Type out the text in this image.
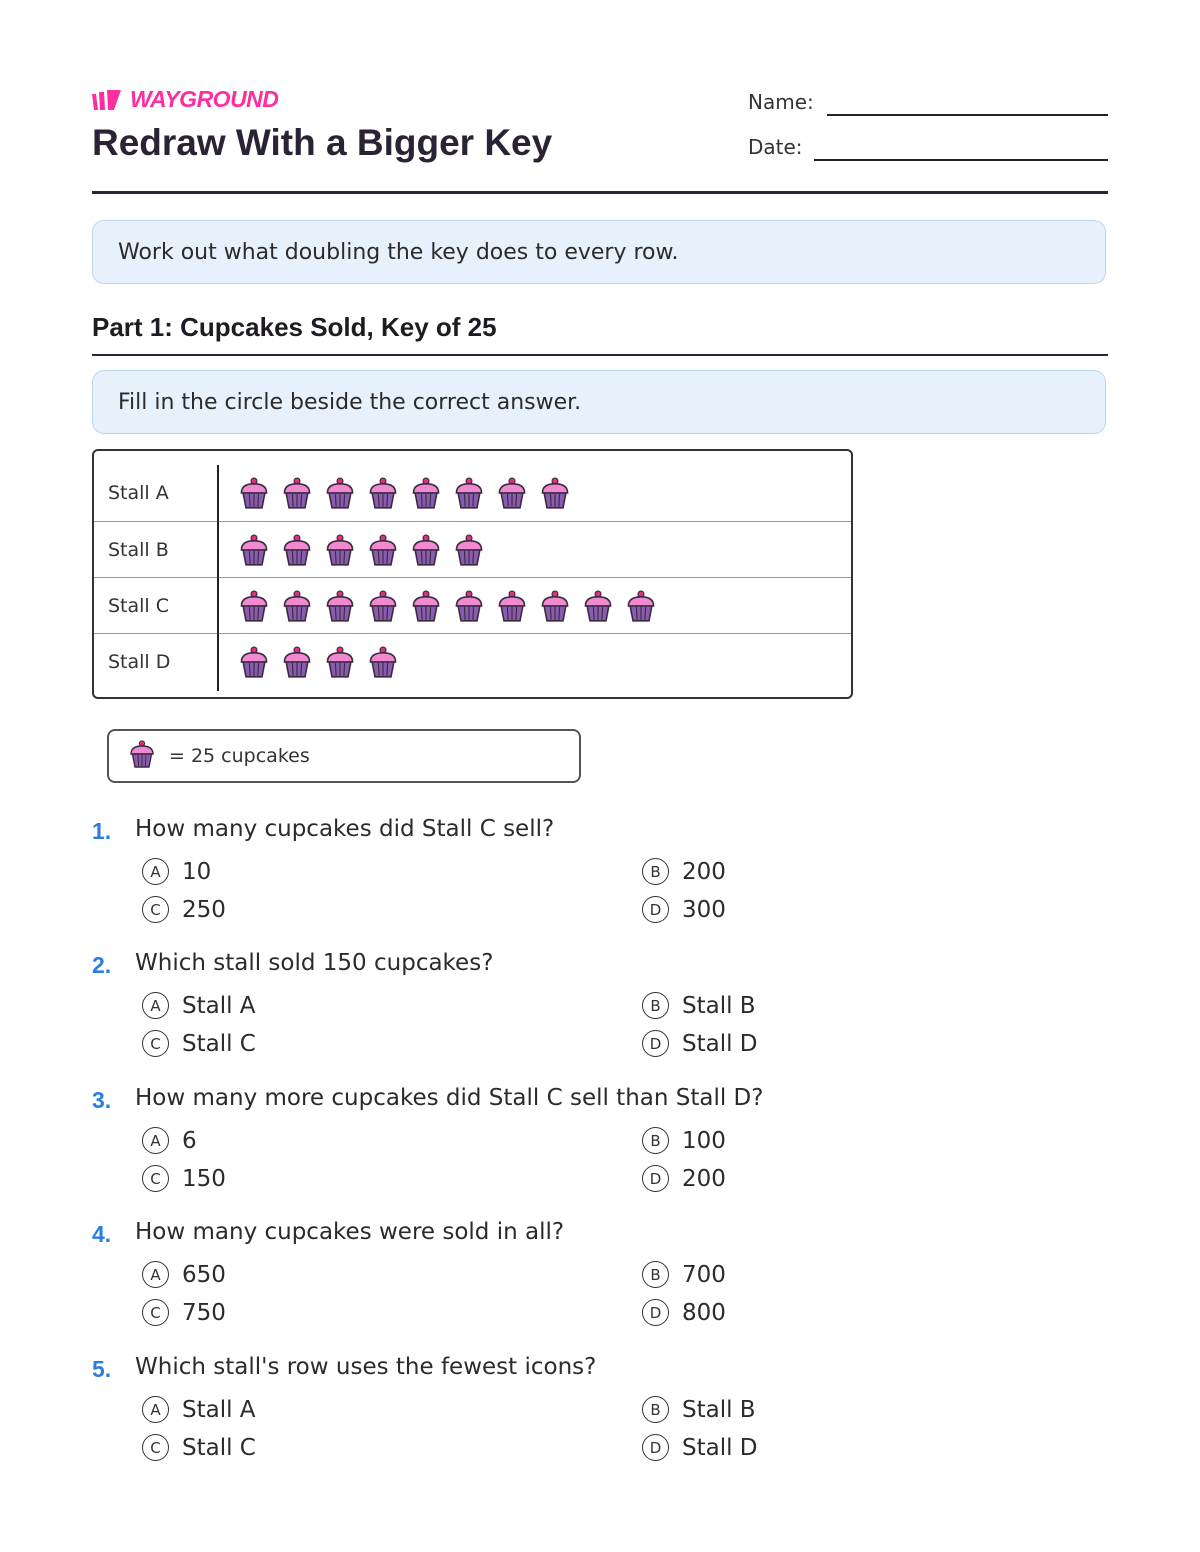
WAYGROUND
Redraw With a Bigger Key
Name:
Date:
Work out what doubling the key does to every row.
Part 1: Cupcakes Sold, Key of 25
Fill in the circle beside the correct answer.
Stall A
Stall B
Stall C
Stall D
= 25 cupcakes
1. How many cupcakes did Stall C sell?
A 10	B 200
C 250	D 300
2. Which stall sold 150 cupcakes?
A Stall A	B Stall B
C Stall C	D Stall D
3. How many more cupcakes did Stall C sell than Stall D?
A 6	B 100
C 150	D 200
4. How many cupcakes were sold in all?
A 650	B 700
C 750	D 800
5. Which stall's row uses the fewest icons?
A Stall A	B Stall B
C Stall C	D Stall D
